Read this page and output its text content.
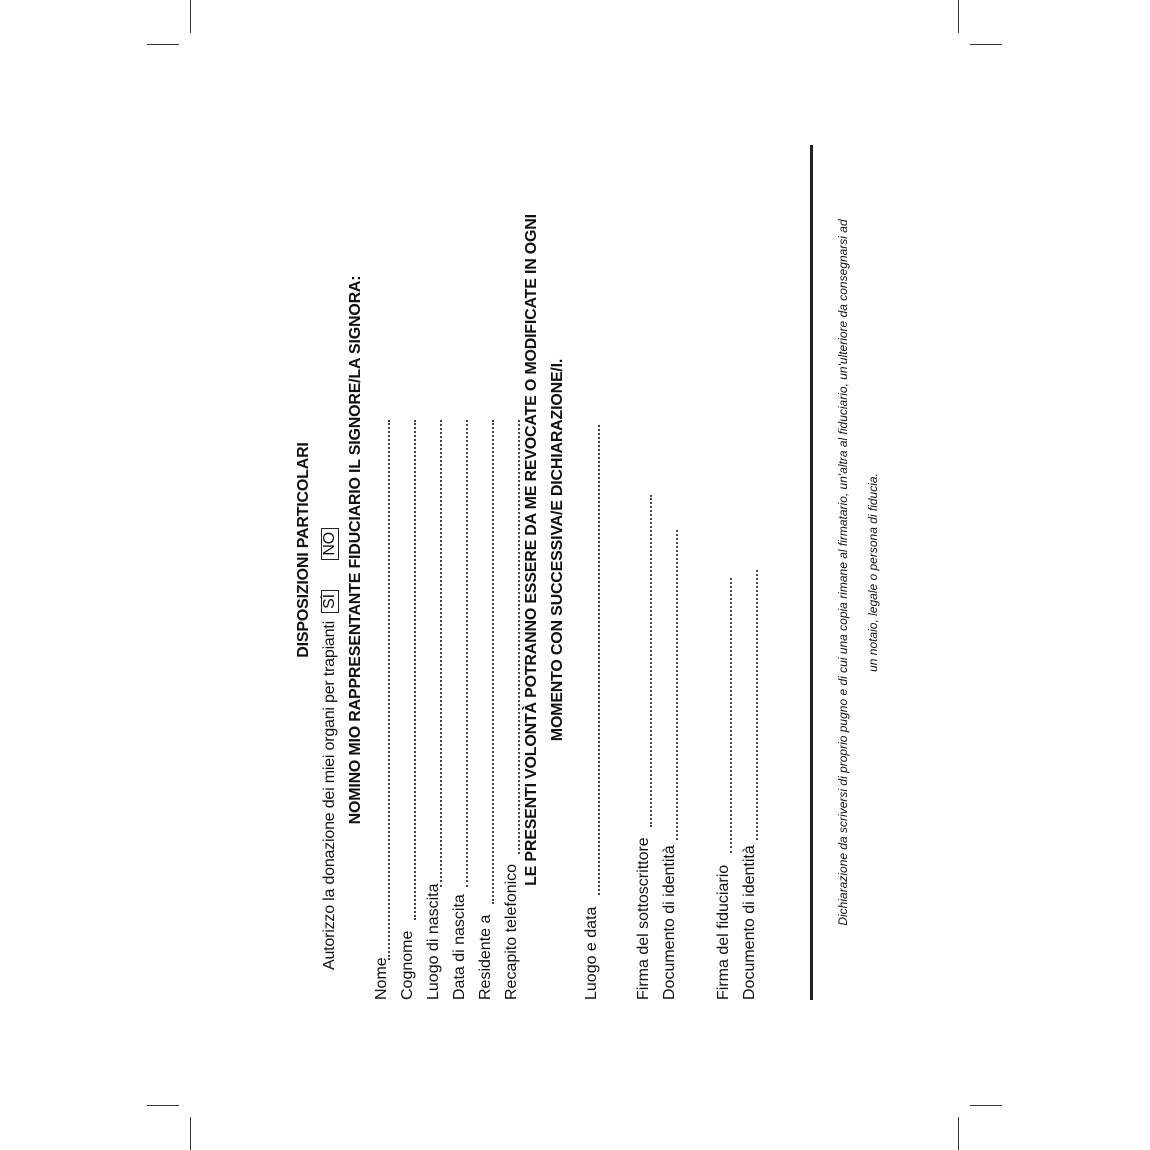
DISPOSIZIONI PARTICOLARI
Autorizzo la donazione dei miei organi per trapianti SÌ  NO NOMINO MIO RAPPRESENTANTE FIDUCIARIO IL SIGNORE/LA SIGNORA:
Nome Cognome Luogo di nascita Data di nascita Residente a Recapito telefonico
LE PRESENTI VOLONTÀ POTRANNO ESSERE DA ME REVOCATE O MODIFICATE IN OGNI MOMENTO CON SUCCESSIVA/E DICHIARAZIONE/I.
Luogo e data Firma del sottoscrittore Documento di identità Firma del fiduciario Documento di identità	Dichiarazione da scriversi di proprio pugno e di cui una copia rimane al firmatario, un'altra al fiduciario, un'ulteriore da consegnarsi ad un notaio, legale o persona di fiducia.
